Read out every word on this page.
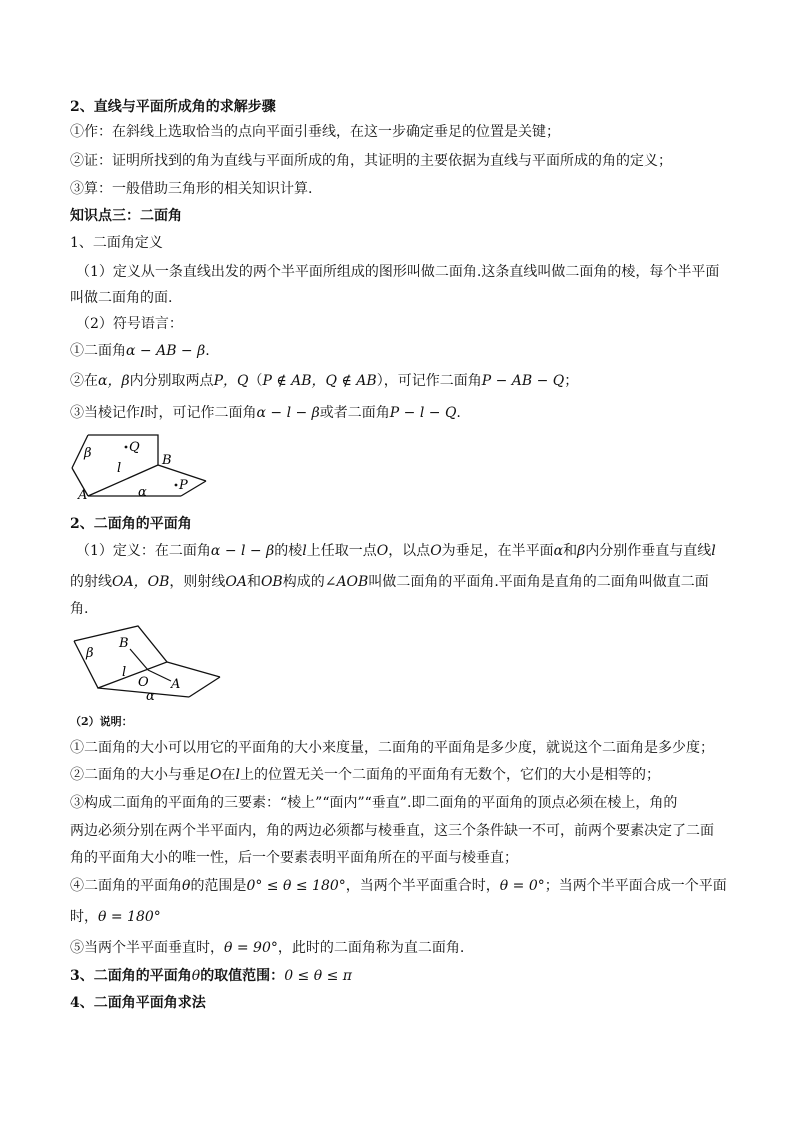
2、直线与平面所成角的求解步骤
①作：在斜线上选取恰当的点向平面引垂线，在这一步确定垂足的位置是关键；
②证：证明所找到的角为直线与平面所成的角，其证明的主要依据为直线与平面所成的角的定义；
③算：一般借助三角形的相关知识计算.
知识点三：二面角
1、二面角定义
（1）定义从一条直线出发的两个半平面所组成的图形叫做二面角.这条直线叫做二面角的棱，每个半平面
叫做二面角的面.
（2）符号语言：
①二面角α − AB − β.
②在α，β内分别取两点P，Q（P ∉ AB，Q ∉ AB），可记作二面角P − AB − Q；
③当棱记作l时，可记作二面角α − l − β或者二面角P − l − Q.
β	Q
l
B
A	α P
2、二面角的平面角
（1）定义：在二面角α − l − β的棱l上任取一点O，以点O为垂足，在半平面α和β内分别作垂直与直线l
的射线OA，OB，则射线OA和OB构成的∠AOB叫做二面角的平面角.平面角是直角的二面角叫做直二面
角.
β
B
l
O A
α
（2）说明：
①二面角的大小可以用它的平面角的大小来度量，二面角的平面角是多少度，就说这个二面角是多少度；
②二面角的大小与垂足O在l上的位置无关一个二面角的平面角有无数个，它们的大小是相等的；
③构成二面角的平面角的三要素：“棱上”“面内”“垂直”.即二面角的平面角的顶点必须在棱上，角的
两边必须分别在两个半平面内，角的两边必须都与棱垂直，这三个条件缺一不可，前两个要素决定了二面
角的平面角大小的唯一性，后一个要素表明平面角所在的平面与棱垂直；
④二面角的平面角θ的范围是0° ≤ θ ≤ 180°，当两个半平面重合时，θ = 0°；当两个半平面合成一个平面
时，θ = 180°
⑤当两个半平面垂直时，θ = 90°，此时的二面角称为直二面角.
3、二面角的平面角θ的取值范围：0 ≤ θ ≤ π
4、二面角平面角求法
